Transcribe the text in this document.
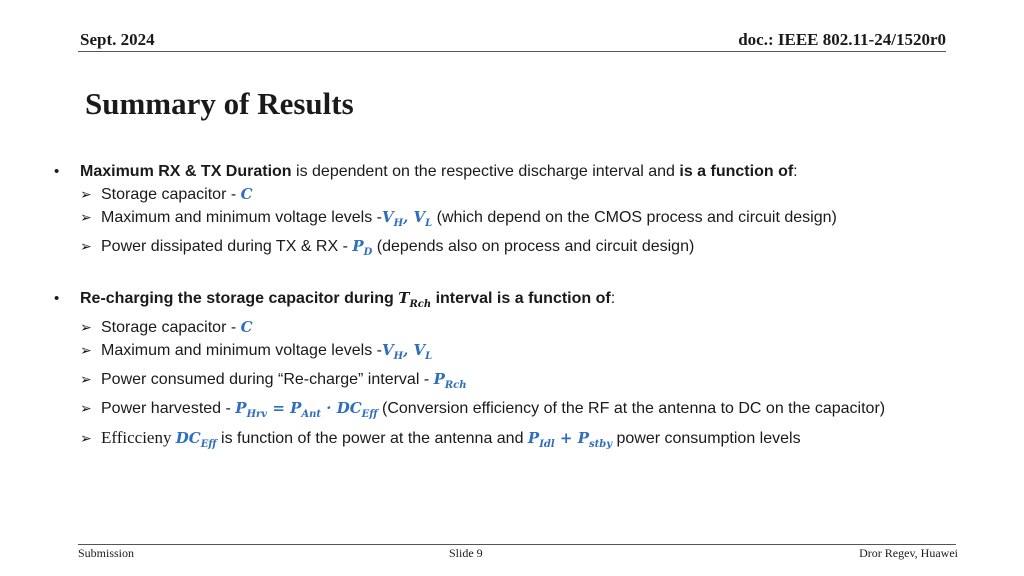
Sept. 2024	doc.: IEEE 802.11-24/1520r0
Summary of Results
•	Maximum RX & TX Duration is dependent on the respective discharge interval and is a function of:
➢ Storage capacitor - C
➢ Maximum and minimum voltage levels $-V_H$, $V_L$ (which depend on the CMOS process and circuit design)
➢ Power dissipated during TX & RX - $P_D$ (depends also on process and circuit design)
•	Re-charging the storage capacitor during $T_{Rch}$ interval is a function of:
➢ Storage capacitor - C
➢ Maximum and minimum voltage levels $-V_H$, $V_L$
➢ Power consumed during “Re-charge” interval - $P_{Rch}$
➢ Power harvested - $P_{Hrv} = P_{Ant} \cdot DC_{Eff}$ (Conversion efficiency of the RF at the antenna to DC on the capacitor)
➢ Efficcieny $DC_{Eff}$ is function of the power at the antenna and $P_{Idl} + P_{stby}$ power consumption levels
Submission	Slide 9	Dror Regev, Huawei
